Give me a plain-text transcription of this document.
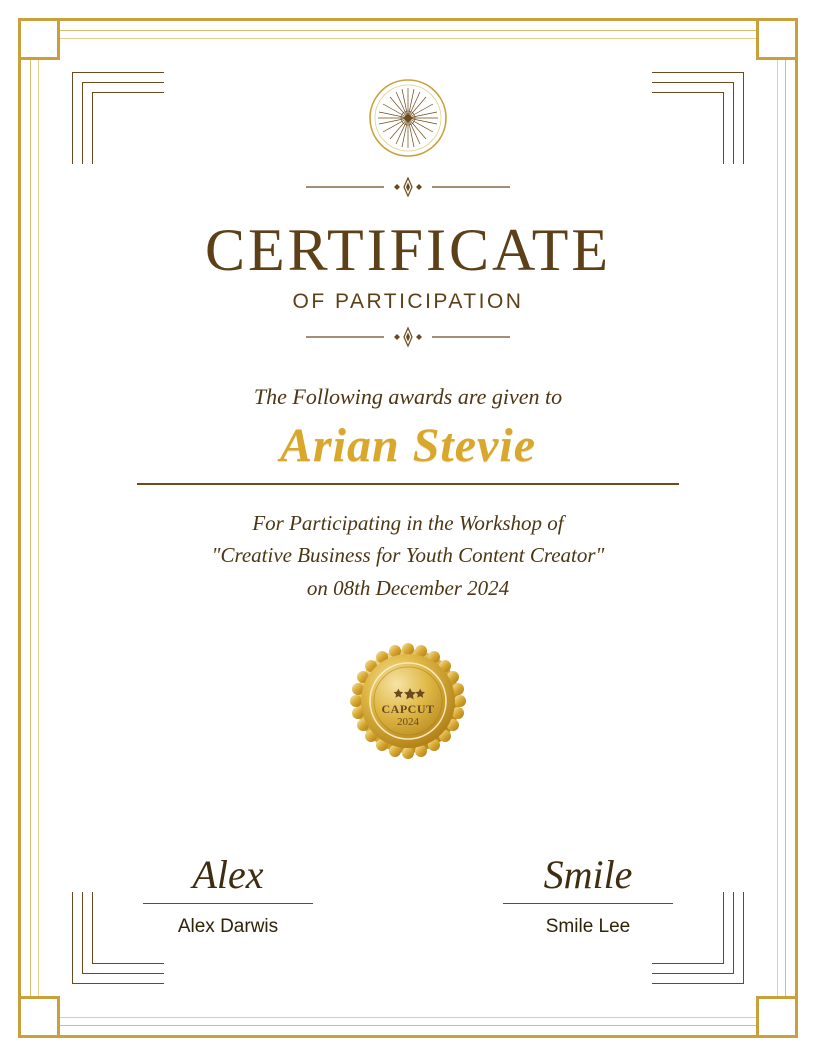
CERTIFICATE
OF PARTICIPATION
The Following awards are given to
Arian Stevie
For Participating in the Workshop of
"Creative Business for Youth Content Creator"
on 08th December 2024
CAPCUT
2024
Alex
Alex Darwis
Smile
Smile Lee
